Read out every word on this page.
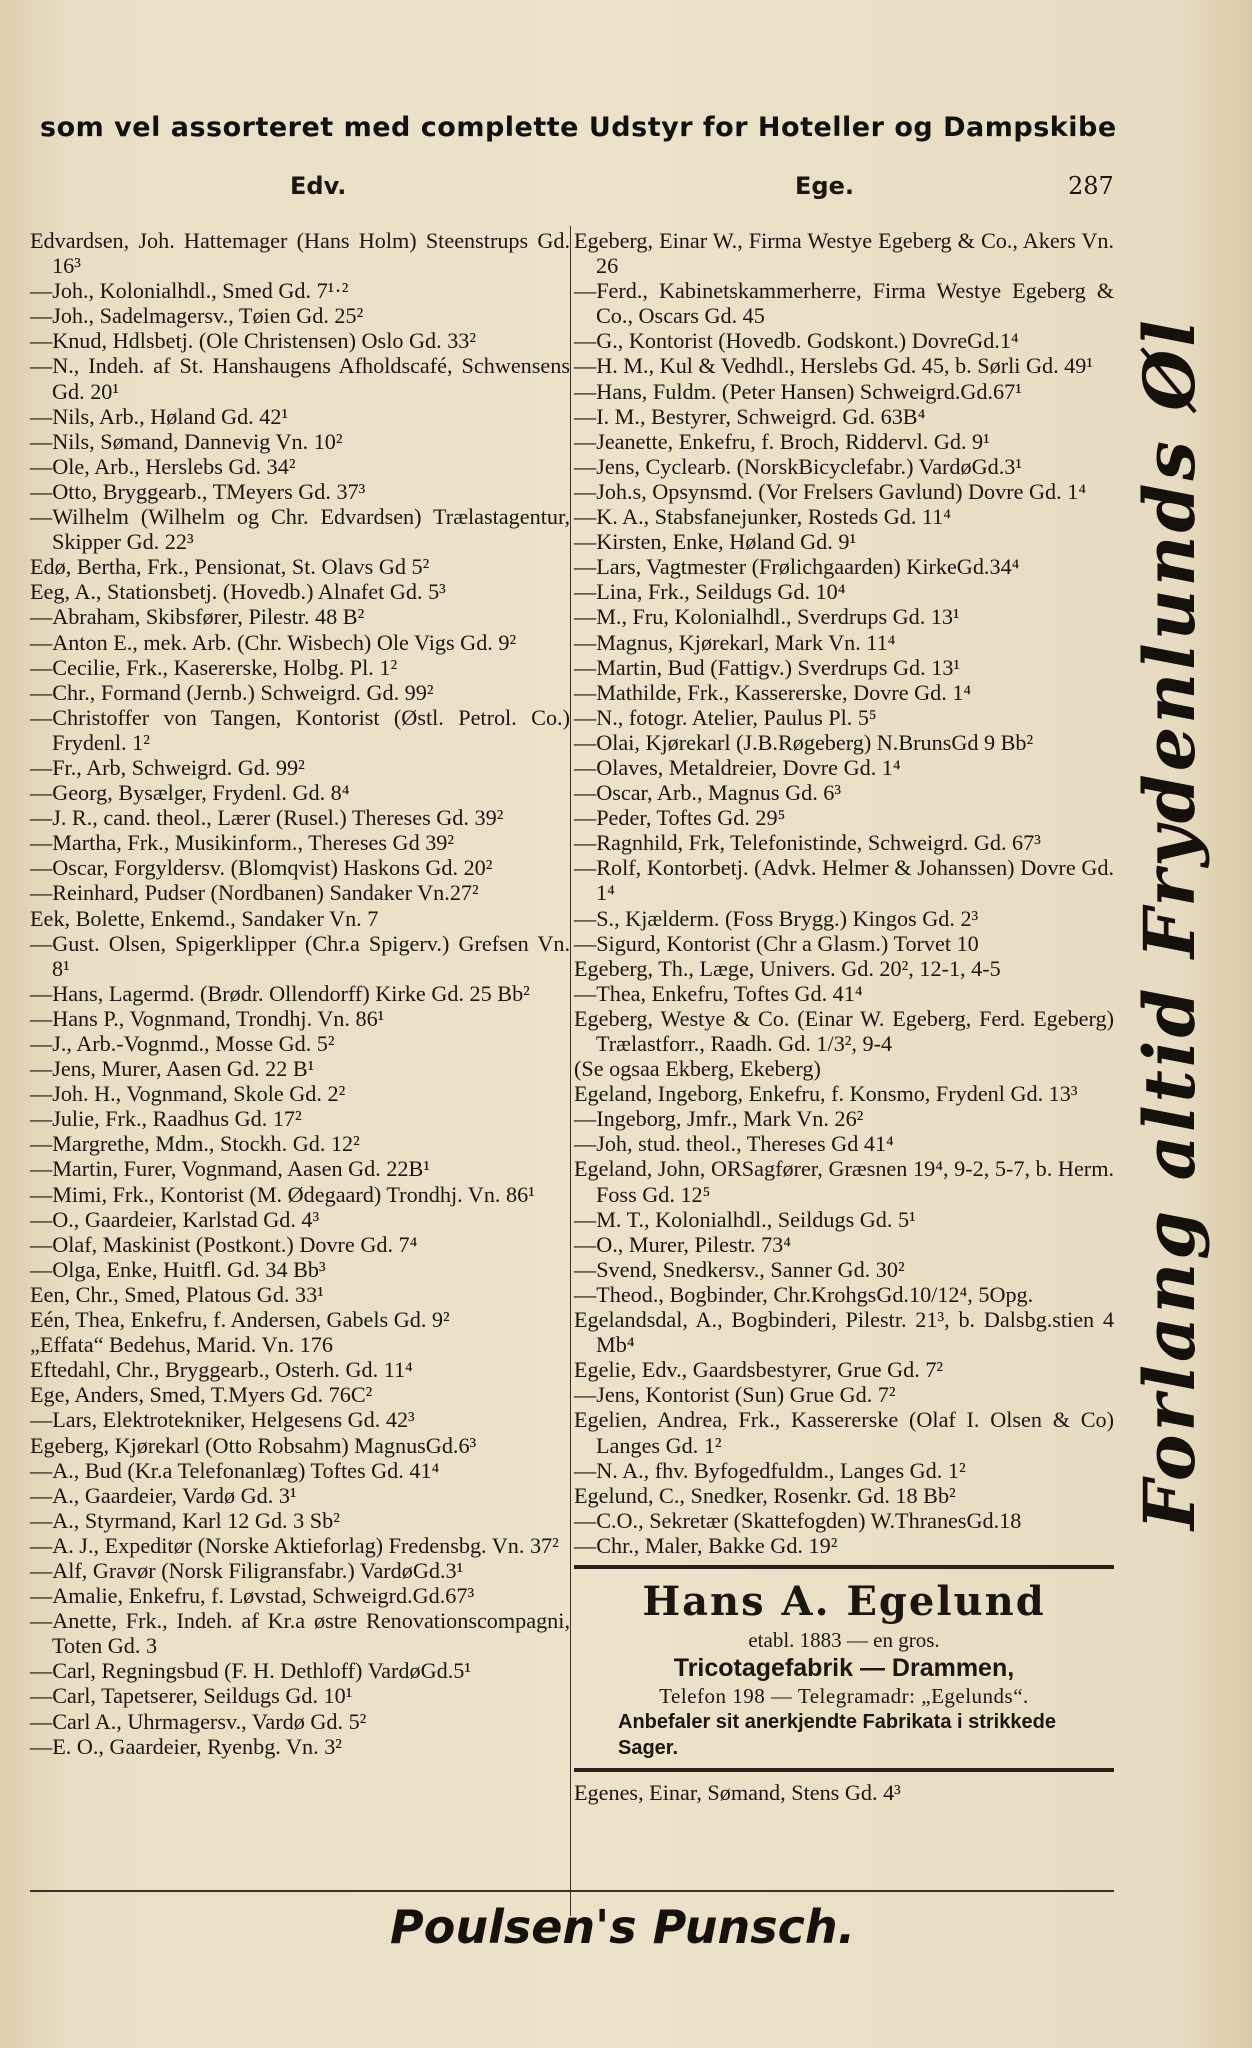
som vel assorteret med complette Udstyr for Hoteller og Dampskibe
Edv.	Ege.	287
Edvardsen, Joh. Hattemager (Hans Holm) Steenstrups Gd. 16³
—Joh., Kolonialhdl., Smed Gd. 7¹·²
—Joh., Sadelmagersv., Tøien Gd. 25²
—Knud, Hdlsbetj. (Ole Christensen) Oslo Gd. 33²
—N., Indeh. af St. Hanshaugens Afholdscafé, Schwensens Gd. 20¹
—Nils, Arb., Høland Gd. 42¹
—Nils, Sømand, Dannevig Vn. 10²
—Ole, Arb., Herslebs Gd. 34²
—Otto, Bryggearb., TMeyers Gd. 37³
—Wilhelm (Wilhelm og Chr. Edvardsen) Trælastagentur, Skipper Gd. 22³
Edø, Bertha, Frk., Pensionat, St. Olavs Gd 5²
Eeg, A., Stationsbetj. (Hovedb.) Alnafet Gd. 5³
—Abraham, Skibsfører, Pilestr. 48 B²
—Anton E., mek. Arb. (Chr. Wisbech) Ole Vigs Gd. 9²
—Cecilie, Frk., Kasererske, Holbg. Pl. 1²
—Chr., Formand (Jernb.) Schweigrd. Gd. 99²
—Christoffer von Tangen, Kontorist (Østl. Petrol. Co.) Frydenl. 1²
—Fr., Arb, Schweigrd. Gd. 99²
—Georg, Bysælger, Frydenl. Gd. 8⁴
—J. R., cand. theol., Lærer (Rusel.) Thereses Gd. 39²
—Martha, Frk., Musikinform., Thereses Gd 39²
—Oscar, Forgyldersv. (Blomqvist) Haskons Gd. 20²
—Reinhard, Pudser (Nordbanen) Sandaker Vn.27²
Eek, Bolette, Enkemd., Sandaker Vn. 7
—Gust. Olsen, Spigerklipper (Chr.a Spigerv.) Grefsen Vn. 8¹
—Hans, Lagermd. (Brødr. Ollendorff) Kirke Gd. 25 Bb²
—Hans P., Vognmand, Trondhj. Vn. 86¹
—J., Arb.-Vognmd., Mosse Gd. 5²
—Jens, Murer, Aasen Gd. 22 B¹
—Joh. H., Vognmand, Skole Gd. 2²
—Julie, Frk., Raadhus Gd. 17²
—Margrethe, Mdm., Stockh. Gd. 12²
—Martin, Furer, Vognmand, Aasen Gd. 22B¹
—Mimi, Frk., Kontorist (M. Ødegaard) Trondhj. Vn. 86¹
—O., Gaardeier, Karlstad Gd. 4³
—Olaf, Maskinist (Postkont.) Dovre Gd. 7⁴
—Olga, Enke, Huitfl. Gd. 34 Bb³
Een, Chr., Smed, Platous Gd. 33¹
Eén, Thea, Enkefru, f. Andersen, Gabels Gd. 9²
„Effata“ Bedehus, Marid. Vn. 176
Eftedahl, Chr., Bryggearb., Osterh. Gd. 11⁴
Ege, Anders, Smed, T.Myers Gd. 76C²
—Lars, Elektrotekniker, Helgesens Gd. 42³
Egeberg, Kjørekarl (Otto Robsahm) MagnusGd.6³
—A., Bud (Kr.a Telefonanlæg) Toftes Gd. 41⁴
—A., Gaardeier, Vardø Gd. 3¹
—A., Styrmand, Karl 12 Gd. 3 Sb²
—A. J., Expeditør (Norske Aktieforlag) Fredensbg. Vn. 37²
—Alf, Gravør (Norsk Filigransfabr.) VardøGd.3¹
—Amalie, Enkefru, f. Løvstad, Schweigrd.Gd.67³
—Anette, Frk., Indeh. af Kr.a østre Renovationscompagni, Toten Gd. 3
—Carl, Regningsbud (F. H. Dethloff) VardøGd.5¹
—Carl, Tapetserer, Seildugs Gd. 10¹
—Carl A., Uhrmagersv., Vardø Gd. 5²
—E. O., Gaardeier, Ryenbg. Vn. 3²
Egeberg, Einar W., Firma Westye Egeberg & Co., Akers Vn. 26
—Ferd., Kabinetskammerherre, Firma Westye Egeberg & Co., Oscars Gd. 45
—G., Kontorist (Hovedb. Godskont.) DovreGd.1⁴
—H. M., Kul & Vedhdl., Herslebs Gd. 45, b. Sørli Gd. 49¹
—Hans, Fuldm. (Peter Hansen) Schweigrd.Gd.67¹
—I. M., Bestyrer, Schweigrd. Gd. 63B⁴
—Jeanette, Enkefru, f. Broch, Riddervl. Gd. 9¹
—Jens, Cyclearb. (NorskBicyclefabr.) VardøGd.3¹
—Joh.s, Opsynsmd. (Vor Frelsers Gavlund) Dovre Gd. 1⁴
—K. A., Stabsfanejunker, Rosteds Gd. 11⁴
—Kirsten, Enke, Høland Gd. 9¹
—Lars, Vagtmester (Frølichgaarden) KirkeGd.34⁴
—Lina, Frk., Seildugs Gd. 10⁴
—M., Fru, Kolonialhdl., Sverdrups Gd. 13¹
—Magnus, Kjørekarl, Mark Vn. 11⁴
—Martin, Bud (Fattigv.) Sverdrups Gd. 13¹
—Mathilde, Frk., Kassererske, Dovre Gd. 1⁴
—N., fotogr. Atelier, Paulus Pl. 5⁵
—Olai, Kjørekarl (J.B.Røgeberg) N.BrunsGd 9 Bb²
—Olaves, Metaldreier, Dovre Gd. 1⁴
—Oscar, Arb., Magnus Gd. 6³
—Peder, Toftes Gd. 29⁵
—Ragnhild, Frk, Telefonistinde, Schweigrd. Gd. 67³
—Rolf, Kontorbetj. (Advk. Helmer & Johanssen) Dovre Gd. 1⁴
—S., Kjælderm. (Foss Brygg.) Kingos Gd. 2³
—Sigurd, Kontorist (Chr a Glasm.) Torvet 10
Egeberg, Th., Læge, Univers. Gd. 20², 12-1, 4-5
—Thea, Enkefru, Toftes Gd. 41⁴
Egeberg, Westye & Co. (Einar W. Egeberg, Ferd. Egeberg) Trælastforr., Raadh. Gd. 1/3², 9-4
(Se ogsaa Ekberg, Ekeberg)
Egeland, Ingeborg, Enkefru, f. Konsmo, Frydenl Gd. 13³
—Ingeborg, Jmfr., Mark Vn. 26²
—Joh, stud. theol., Thereses Gd 41⁴
Egeland, John, ORSagfører, Græsnen 19⁴, 9-2, 5-7, b. Herm. Foss Gd. 12⁵
—M. T., Kolonialhdl., Seildugs Gd. 5¹
—O., Murer, Pilestr. 73⁴
—Svend, Snedkersv., Sanner Gd. 30²
—Theod., Bogbinder, Chr.KrohgsGd.10/12⁴, 5Opg.
Egelandsdal, A., Bogbinderi, Pilestr. 21³, b. Dalsbg.stien 4 Mb⁴
Egelie, Edv., Gaardsbestyrer, Grue Gd. 7²
—Jens, Kontorist (Sun) Grue Gd. 7²
Egelien, Andrea, Frk., Kassererske (Olaf I. Olsen & Co) Langes Gd. 1²
—N. A., fhv. Byfogedfuldm., Langes Gd. 1²
Egelund, C., Snedker, Rosenkr. Gd. 18 Bb²
—C.O., Sekretær (Skattefogden) W.ThranesGd.18
—Chr., Maler, Bakke Gd. 19²
Hans A. Egelund
etabl. 1883 — en gros.
Tricotagefabrik — Drammen,
Telefon 198 — Telegramadr: „Egelunds“.
Anbefaler sit anerkjendte Fabrikata i strikkede Sager.
Egenes, Einar, Sømand, Stens Gd. 4³
Forlang altid Frydenlunds Øl
Poulsen's Punsch.
